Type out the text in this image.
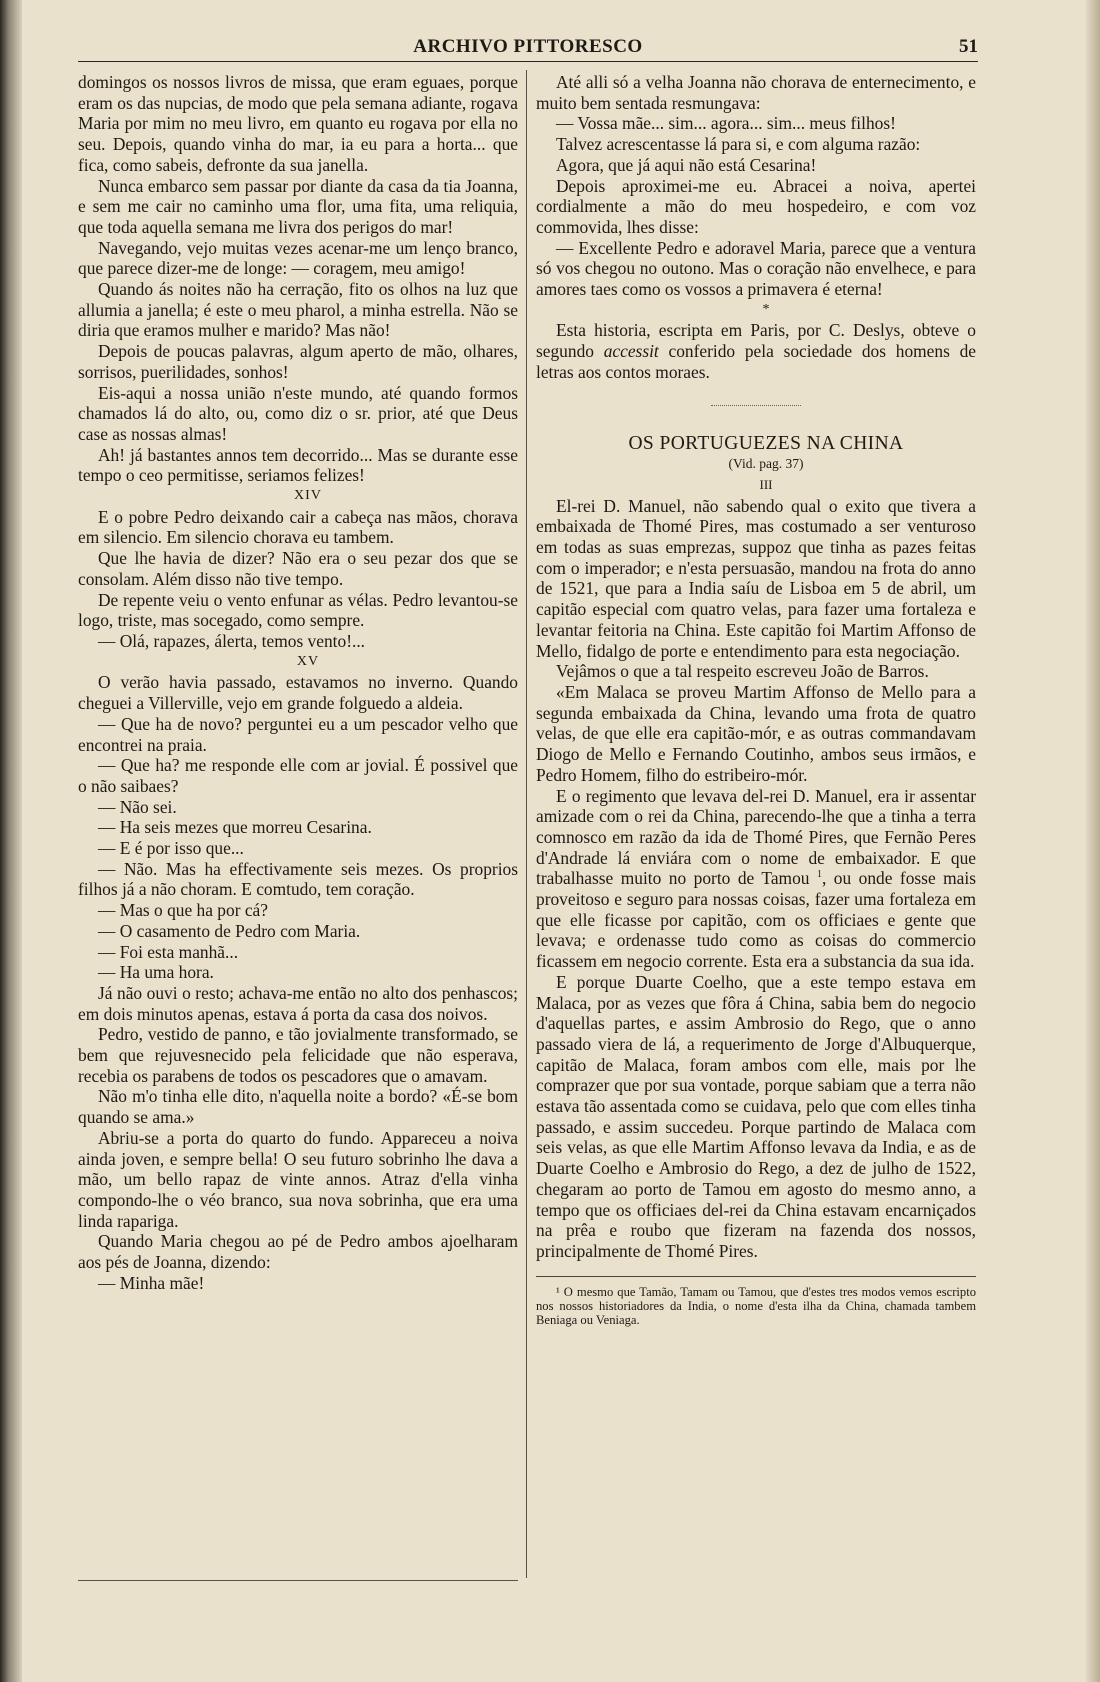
ARCHIVO PITTORESCO	51

domingos os nossos livros de missa, que eram eguaes, porque eram os das nupcias, de modo que pela semana adiante, rogava Maria por mim no meu livro, em quanto eu rogava por ella no seu. Depois, quando vinha do mar, ia eu para a horta... que fica, como sabeis, defronte da sua janella.

Nunca embarco sem passar por diante da casa da tia Joanna, e sem me cair no caminho uma flor, uma fita, uma reliquia, que toda aquella semana me livra dos perigos do mar!

Navegando, vejo muitas vezes acenar-me um lenço branco, que parece dizer-me de longe: — coragem, meu amigo!

Quando ás noites não ha cerração, fito os olhos na luz que allumia a janella; é este o meu pharol, a minha estrella. Não se diria que eramos mulher e marido? Mas não!

Depois de poucas palavras, algum aperto de mão, olhares, sorrisos, puerilidades, sonhos!

Eis-aqui a nossa união n'este mundo, até quando formos chamados lá do alto, ou, como diz o sr. prior, até que Deus case as nossas almas!

Ah! já bastantes annos tem decorrido... Mas se durante esse tempo o ceo permitisse, seriamos felizes!

XIV

E o pobre Pedro deixando cair a cabeça nas mãos, chorava em silencio. Em silencio chorava eu tambem.

Que lhe havia de dizer? Não era o seu pezar dos que se consolam. Além disso não tive tempo.

De repente veiu o vento enfunar as vélas. Pedro levantou-se logo, triste, mas socegado, como sempre.

— Olá, rapazes, álerta, temos vento!...

XV

O verão havia passado, estavamos no inverno. Quando cheguei a Villerville, vejo em grande folguedo a aldeia.

— Que ha de novo? perguntei eu a um pescador velho que encontrei na praia.

— Que ha? me responde elle com ar jovial. É possivel que o não saibaes?

— Não sei.

— Ha seis mezes que morreu Cesarina.

— E é por isso que...

— Não. Mas ha effectivamente seis mezes. Os proprios filhos já a não choram. E comtudo, tem coração.

— Mas o que ha por cá?

— O casamento de Pedro com Maria.

— Foi esta manhã...

— Ha uma hora.

Já não ouvi o resto; achava-me então no alto dos penhascos; em dois minutos apenas, estava á porta da casa dos noivos.

Pedro, vestido de panno, e tão jovialmente transformado, se bem que rejuvesnecido pela felicidade que não esperava, recebia os parabens de todos os pescadores que o amavam.

Não m'o tinha elle dito, n'aquella noite a bordo? «É-se bom quando se ama.»

Abriu-se a porta do quarto do fundo. Appareceu a noiva ainda joven, e sempre bella! O seu futuro sobrinho lhe dava a mão, um bello rapaz de vinte annos. Atraz d'ella vinha compondo-lhe o véo branco, sua nova sobrinha, que era uma linda rapariga.

Quando Maria chegou ao pé de Pedro ambos ajoelharam aos pés de Joanna, dizendo:

— Minha mãe!

Até alli só a velha Joanna não chorava de enternecimento, e muito bem sentada resmungava:

— Vossa mãe... sim... agora... sim... meus filhos!

Talvez acrescentasse lá para si, e com alguma razão:

Agora, que já aqui não está Cesarina!

Depois aproximei-me eu. Abracei a noiva, apertei cordialmente a mão do meu hospedeiro, e com voz commovida, lhes disse:

— Excellente Pedro e adoravel Maria, parece que a ventura só vos chegou no outono. Mas o coração não envelhece, e para amores taes como os vossos a primavera é eterna!

*

Esta historia, escripta em Paris, por C. Deslys, obteve o segundo accessit conferido pela sociedade dos homens de letras aos contos moraes.

OS PORTUGUEZES NA CHINA

(Vid. pag. 37)

III

El-rei D. Manuel, não sabendo qual o exito que tivera a embaixada de Thomé Pires, mas costumado a ser venturoso em todas as suas emprezas, suppoz que tinha as pazes feitas com o imperador; e n'esta persuasão, mandou na frota do anno de 1521, que para a India saíu de Lisboa em 5 de abril, um capitão especial com quatro velas, para fazer uma fortaleza e levantar feitoria na China. Este capitão foi Martim Affonso de Mello, fidalgo de porte e entendimento para esta negociação.

Vejâmos o que a tal respeito escreveu João de Barros.

«Em Malaca se proveu Martim Affonso de Mello para a segunda embaixada da China, levando uma frota de quatro velas, de que elle era capitão-mór, e as outras commandavam Diogo de Mello e Fernando Coutinho, ambos seus irmãos, e Pedro Homem, filho do estribeiro-mór.

E o regimento que levava del-rei D. Manuel, era ir assentar amizade com o rei da China, parecendo-lhe que a tinha a terra comnosco em razão da ida de Thomé Pires, que Fernão Peres d'Andrade lá enviára com o nome de embaixador. E que trabalhasse muito no porto de Tamou $^1$, ou onde fosse mais proveitoso e seguro para nossas coisas, fazer uma fortaleza em que elle ficasse por capitão, com os officiaes e gente que levava; e ordenasse tudo como as coisas do commercio ficassem em negocio corrente. Esta era a substancia da sua ida.

E porque Duarte Coelho, que a este tempo estava em Malaca, por as vezes que fôra á China, sabia bem do negocio d'aquellas partes, e assim Ambrosio do Rego, que o anno passado viera de lá, a requerimento de Jorge d'Albuquerque, capitão de Malaca, foram ambos com elle, mais por lhe comprazer que por sua vontade, porque sabiam que a terra não estava tão assentada como se cuidava, pelo que com elles tinha passado, e assim succedeu. Porque partindo de Malaca com seis velas, as que elle Martim Affonso levava da India, e as de Duarte Coelho e Ambrosio do Rego, a dez de julho de 1522, chegaram ao porto de Tamou em agosto do mesmo anno, a tempo que os officiaes del-rei da China estavam encarniçados na prêa e roubo que fizeram na fazenda dos nossos, principalmente de Thomé Pires.

¹ O mesmo que Tamão, Tamam ou Tamou, que d'estes tres modos vemos escripto nos nossos historiadores da India, o nome d'esta ilha da China, chamada tambem Beniaga ou Veniaga.
